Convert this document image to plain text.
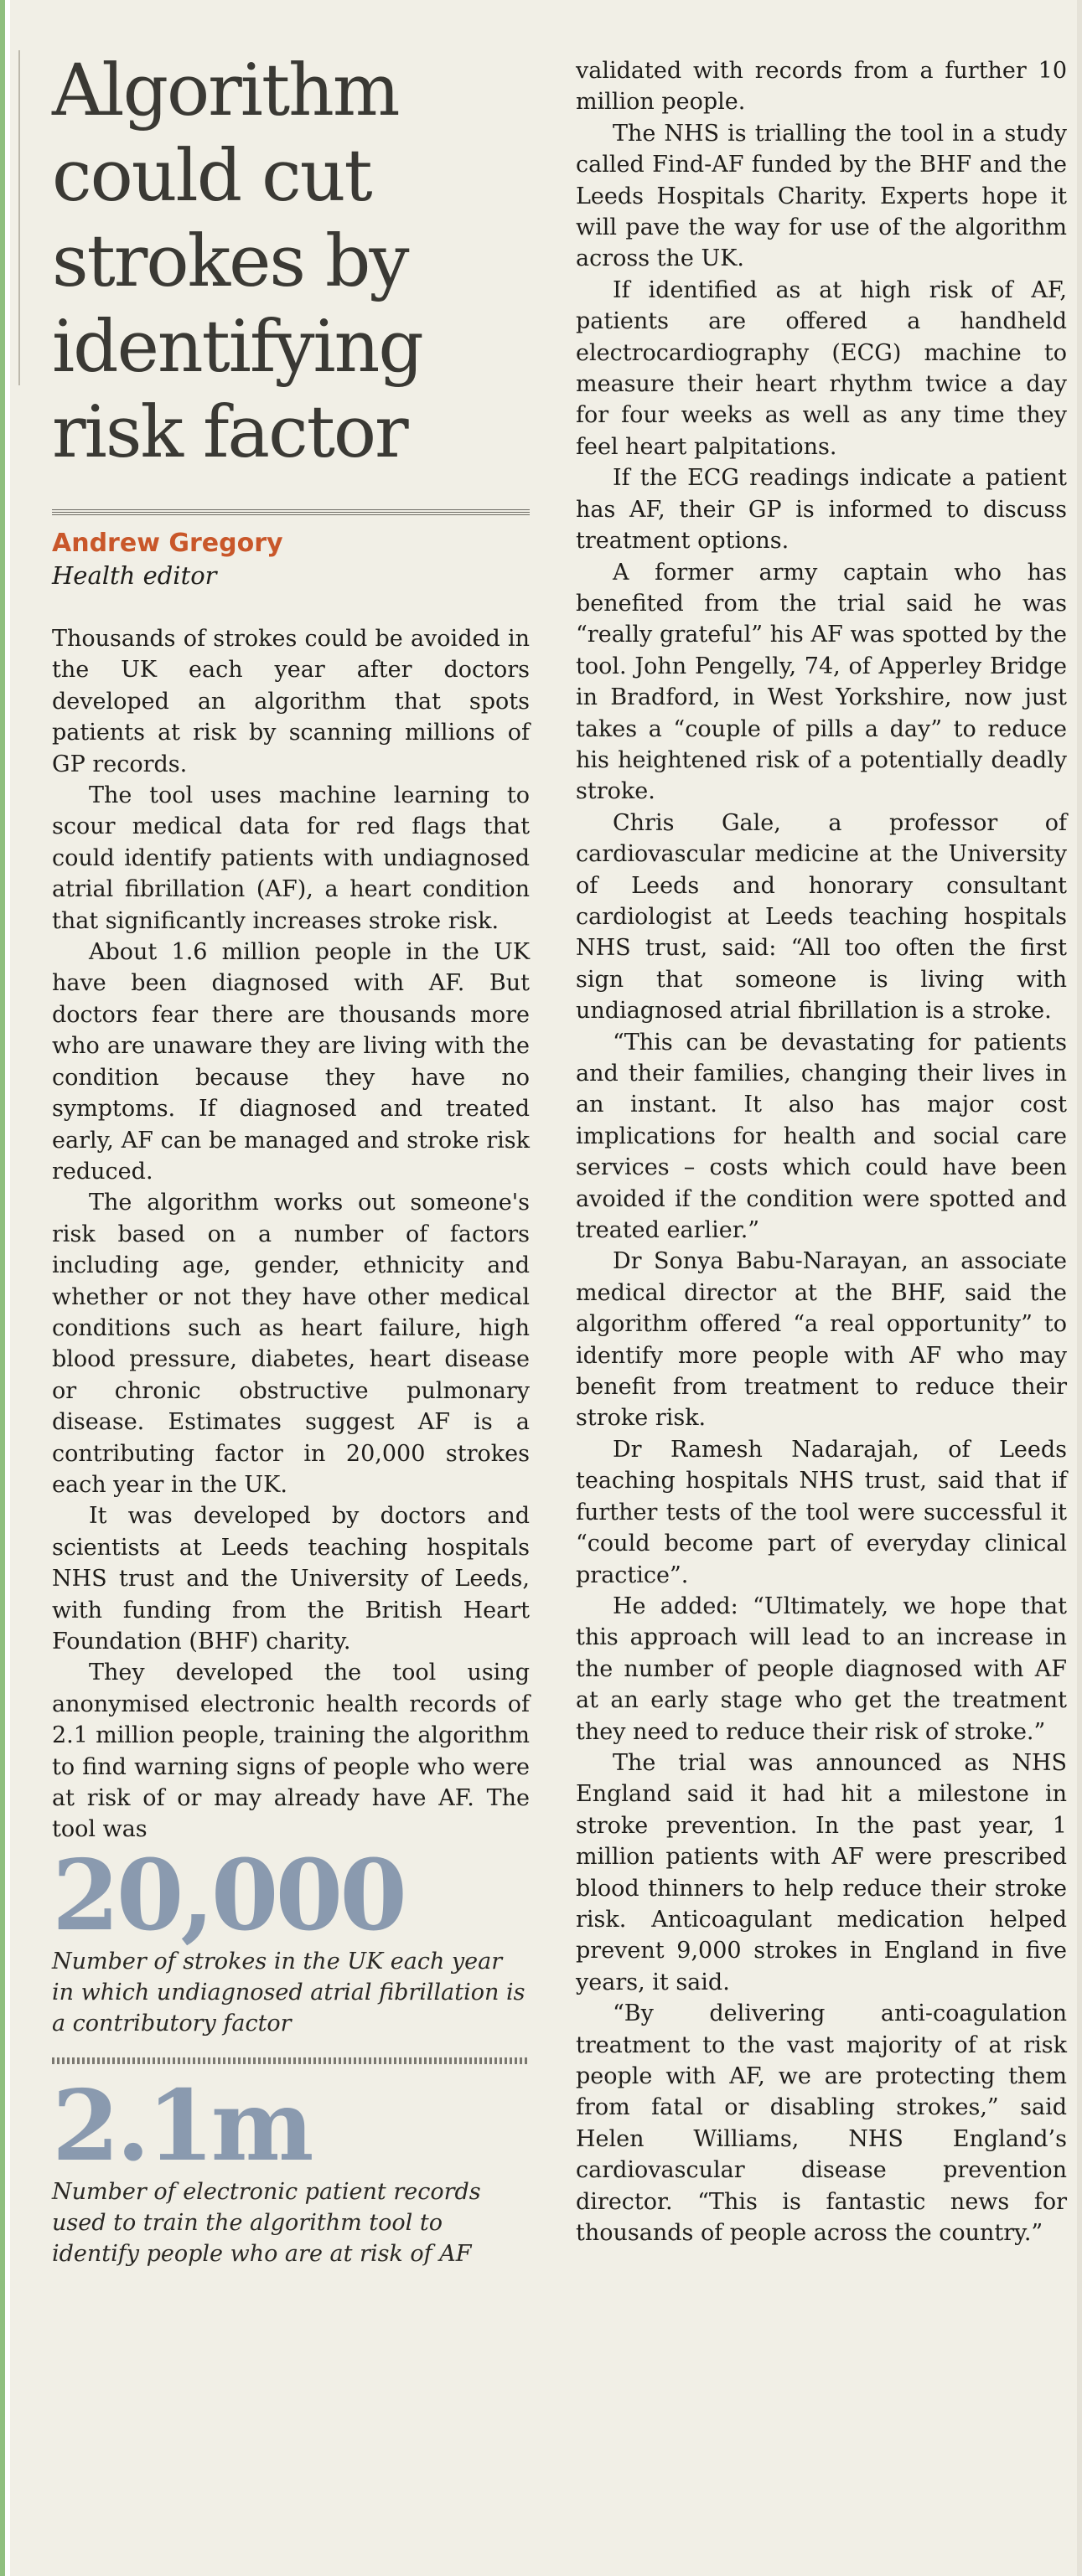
Algorithm
could cut
strokes by
identifying
risk factor
Andrew Gregory
Health editor

Thousands of strokes could be avoided in the UK each year after doctors developed an algorithm that spots patients at risk by scanning millions of GP records.

The tool uses machine learning to scour medical data for red flags that could identify patients with undiagnosed atrial fibrillation (AF), a heart condition that significantly increases stroke risk.

About 1.6 million people in the UK have been diagnosed with AF. But doctors fear there are thousands more who are unaware they are living with the condition because they have no symptoms. If diagnosed and treated early, AF can be managed and stroke risk reduced.

The algorithm works out someone's risk based on a number of factors including age, gender, ethnicity and whether or not they have other medical conditions such as heart failure, high blood pressure, diabetes, heart disease or chronic obstructive pulmonary disease. Estimates suggest AF is a contributing factor in 20,000 strokes each year in the UK.

It was developed by doctors and scientists at Leeds teaching hospitals NHS trust and the University of Leeds, with funding from the British Heart Foundation (BHF) charity.

They developed the tool using anonymised electronic health records of 2.1 million people, training the algorithm to find warning signs of people who were at risk of or may already have AF. The tool was

20,000
Number of strokes in the UK each year in which undiagnosed atrial fibrillation is a contributory factor
2.1m
Number of electronic patient records used to train the algorithm tool to identify people who are at risk of AF

validated with records from a further 10 million people.

The NHS is trialling the tool in a study called Find-AF funded by the BHF and the Leeds Hospitals Charity. Experts hope it will pave the way for use of the algorithm across the UK.

If identified as at high risk of AF, patients are offered a handheld electrocardiography (ECG) machine to measure their heart rhythm twice a day for four weeks as well as any time they feel heart palpitations.

If the ECG readings indicate a patient has AF, their GP is informed to discuss treatment options.

A former army captain who has benefited from the trial said he was “really grateful” his AF was spotted by the tool. John Pengelly, 74, of Apperley Bridge in Bradford, in West Yorkshire, now just takes a “couple of pills a day” to reduce his heightened risk of a potentially deadly stroke.

Chris Gale, a professor of cardiovascular medicine at the University of Leeds and honorary consultant cardiologist at Leeds teaching hospitals NHS trust, said: “All too often the first sign that someone is living with undiagnosed atrial fibrillation is a stroke.

“This can be devastating for patients and their families, changing their lives in an instant. It also has major cost implications for health and social care services – costs which could have been avoided if the condition were spotted and treated earlier.”

Dr Sonya Babu-Narayan, an associate medical director at the BHF, said the algorithm offered “a real opportunity” to identify more people with AF who may benefit from treatment to reduce their stroke risk.

Dr Ramesh Nadarajah, of Leeds teaching hospitals NHS trust, said that if further tests of the tool were successful it “could become part of everyday clinical practice”.

He added: “Ultimately, we hope that this approach will lead to an increase in the number of people diagnosed with AF at an early stage who get the treatment they need to reduce their risk of stroke.”

The trial was announced as NHS England said it had hit a milestone in stroke prevention. In the past year, 1 million patients with AF were prescribed blood thinners to help reduce their stroke risk. Anticoagulant medication helped prevent 9,000 strokes in England in five years, it said.

“By delivering anti-coagulation treatment to the vast majority of at risk people with AF, we are protecting them from fatal or disabling strokes,” said Helen Williams, NHS England’s cardiovascular disease prevention director. “This is fantastic news for thousands of people across the country.”
